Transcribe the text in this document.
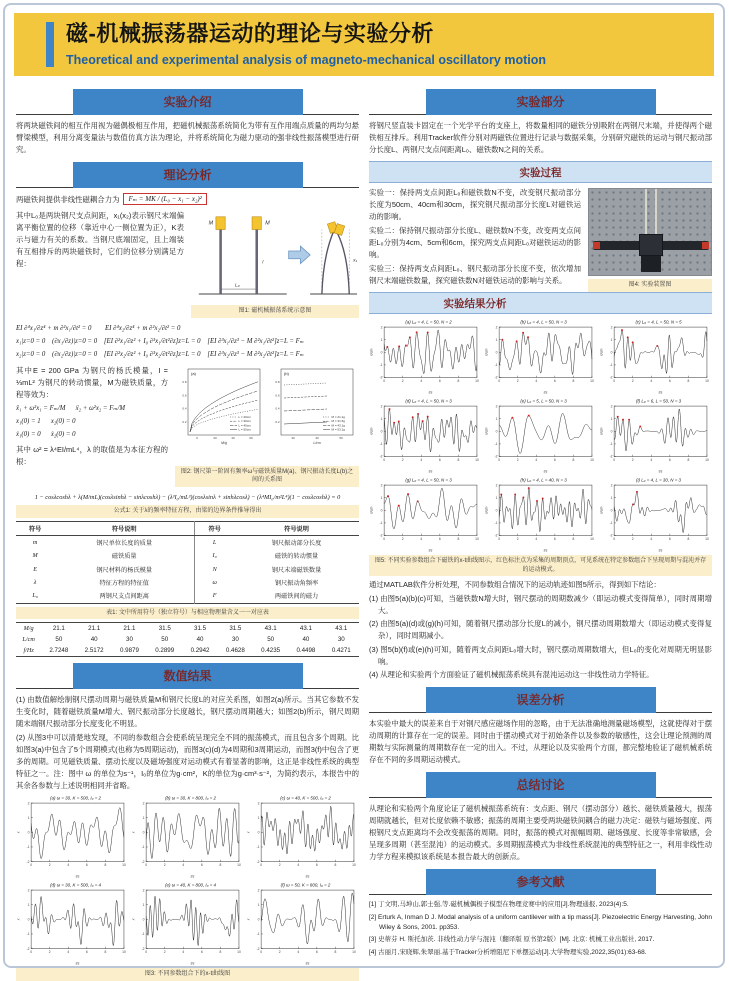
磁-机械振荡器运动的理论与实验分析
Theoretical and experimental analysis of magneto-mechanical oscillatory motion
实验介绍

将两块磁铁间的相互作用视为磁偶极相互作用，把磁机械振荡系统简化为带有互作用端点质量的两均匀悬臂梁模型，利用分离变量法与数值仿真方法为理论，并将系统简化为磁力驱动的强非线性振荡模型进行研究。

理论分析
两磁铁间提供非线性磁耦合力为	Fₘ = MK / (L₀ − x₁ − x₂)²

其中L₀是两块钢尺支点间距，x₁(x₂)表示钢尺末端偏离平衡位置的位移（靠近中心一侧位置为正），K表示与磁力有关的系数。当钢尺底端固定，且上端装有互相排斥的两块磁铁时，它们的位移分别满足方程：

M	M
L₀
l	x₁
图1: 磁机械振荡系统示意图
EI ∂⁴x₁/∂z⁴ + m ∂²x₁/∂t² = 0        EI ∂⁴x₂/∂z⁴ + m ∂²x₂/∂t² = 0
x₁|z=0 = 0    (∂x₁/∂z)|z=0 = 0    [EI ∂²x₁/∂z² + I₀ ∂³x₁/∂t²∂z]z=L = 0    [EI ∂³x₁/∂z³ − M ∂²x₁/∂t²]z=L = Fₘ
x₂|z=0 = 0    (∂x₂/∂z)|z=0 = 0    [EI ∂²x₂/∂z² + I₀ ∂³x₂/∂t²∂z]z=L = 0    [EI ∂³x₂/∂z³ − M ∂²x₂/∂t²]z=L = Fₘ

其中E = 200 GPa 为钢尺的杨氏模量，I = ⅓mL² 为钢尺的转动惯量，M为磁铁质量，方程等效为：

ẍ₁ + ω²x₁ = Fₘ/M      ẍ₂ + ω²x₂ = Fₘ/M
x₁(0) = 1      x₂(0) = 0
ẋ₁(0) = 0      ẋ₂(0) = 0

其中 ω² = λ⁴EI/mL⁴，λ 的取值是为本征方程的根：

(a)
0.2
0.4
0.6
0.8
0	20	40	60
M/g
L = 20cm
L = 30cm
L = 40cm
L = 50cm
(b)
0.2
0.4
0.6
0.8
30	40	50
L/cm
M = 21.1g
M = 31.5g
M = 43.1g
M = 53.1g
图2: 钢尺第一阶固有频率ω与磁铁质量M(a)、钢尺振动长度L(b)之间的关系图
1 − cosλcoshλ + λ(M/mL)(cosλsinhλ − sinλcoshλ) − (λ³I₀/mL³)(cosλsinλ + sinhλcosλ) − (λ⁴MI₀/m²L⁴)(1 − cosλcoshλ) = 0
公式1: 关于λ的频率特征方程，由梁的边界条件推导得出
符号	符号说明	符号	符号说明
m	钢尺单位长度的质量	L	钢尺振动部分长度
M	磁铁质量	I₀	磁铁的转动惯量
E	钢尺材料的杨氏模量	N	钢尺末端磁铁数量
λ	特征方程的特征值	ω	钢尺振动角频率
L₀	两钢尺支点间距离	F	两磁铁间的磁力
表1: 文中所用符号（独立符号）与相应物理量含义一一对应表
M/g	21.1	21.1	21.1	31.5	31.5	31.5	43.1	43.1	43.1
L/cm	50	40	30	50	40	30	50	40	30
f/Hz	2.7248	2.5172	0.9879	0.2899	0.2942	0.4628	0.4235	0.4498	0.4271
数值结果

(1) 由数值解绘制钢尺摆动周期与磁铁质量M和钢尺长度L的对应关系图，如图2(a)所示。当其它参数不发生变化时，随着磁铁质量M增大、钢尺振动部分长度越长，钢尺摆动周期越大；如图2(b)所示，钢尺周期随末端钢尺振动部分长度变化不明显。

(2) 从图3中可以清楚地发现，不同的参数组合会使系统呈现完全不同的振荡模式，而且包含多个周期。比如图3(a)中包含了5个周期模式(也称为5周期运动)，而图3(c)(d)为4周期和3周期运动，而图3(f)中包含了更多的周期。可见磁铁质量、摆动长度以及磁场强度对运动模式有着显著的影响，这正是非线性系统的典型特征之一。注：图中 ω 的单位为s⁻¹，I₀的单位为g·cm²，K的单位为g·cm³·s⁻²，为简约表示，本报告中的其余各参数与上述说明相同并省略。

(a) ω = 30, K = 500, I₀ = 2
2
1
0
-1
-2
0	2	4	6	8	10
t/s
x
(b) ω = 30, K = 800, I₀ = 2
2
1
0
-1
-2
0	2	4	6	8	10
t/s
x
(c) ω = 40, K = 500, I₀ = 2
2
1
0
-1
-2
0	2	4	6	8	10
t/s
x
(d) ω = 30, K = 500, I₀ = 4
2
1
0
-1
-2
0	2	4	6	8	10
t/s
x
(e) ω = 40, K = 800, I₀ = 4
2
1
0
-1
-2
0	2	4	6	8	10
t/s
x
(f) ω = 50, K = 800, I₀ = 2
2
1
0
-1
-2
0	2	4	6	8	10
t/s
x
图3: 不同参数组合下的x-t曲线图
实验部分

将钢尺竖直装卡固定在一个光学平台的支座上，将数量相同的磁铁分别吸附在两钢尺末端，并使得两个磁铁相互排斥。利用Tracker软件分别对两磁铁位置进行记录与数据采集，分别研究磁铁的运动与钢尺振动部分长度L、两钢尺支点间距离L₀、磁铁数N之间的关系。

实验过程
图4: 实验装置图

实验一：保持两支点间距L₀和磁铁数N不变，改变钢尺振动部分长度为50cm、40cm和30cm，探究钢尺振动部分长度L对磁铁运动的影响。

实验二：保持钢尺振动部分长度L、磁铁数N不变，改变两支点间距L₀分别为4cm、5cm和6cm，探究两支点间距L₀对磁铁运动的影响。

实验三：保持两支点间距L₀、钢尺振动部分长度不变，依次增加钢尺末端磁铁数量，探究磁铁数N对磁铁运动的影响与关系。

实验结果分析
(a) L₀ = 4, L = 50, N = 2
2
1
0
-1
-2
0	2	4	6	8	10
t/s
x/cm
(b) L₀ = 4, L = 50, N = 3
2
1
0
-1
-2
0	2	4	6	8	10
t/s
x/cm
(c) L₀ = 4, L = 50, N = 5
2
1
0
-1
-2
0	2	4	6	8	10
t/s
x/cm
(d) L₀ = 4, L = 50, N = 3
2
1
0
-1
-2
0	2	4	6	8	10
t/s
x/cm
(e) L₀ = 5, L = 50, N = 3
2
1
0
-1
-2
0	2	4	6	8	10
t/s
x/cm
(f) L₀ = 6, L = 50, N = 3
2
1
0
-1
-2
0	2	4	6	8	10
t/s
x/cm
(g) L₀ = 4, L = 50, N = 3
2
1
0
-1
-2
0	2	4	6	8	10
t/s
x/cm
(h) L₀ = 4, L = 40, N = 3
2
1
0
-1
-2
0	2	4	6	8	10
t/s
x/cm
(i) L₀ = 4, L = 30, N = 3
2
1
0
-1
-2
0	2	4	6	8	10
t/s
x/cm
图5: 不同实验参数组合下磁铁的x-t曲线图示，红色标注点为采集的周期顶点，可见系统在特定参数组合下呈现周期与混沌并存的运动模式。

通过MATLAB软件分析处理，不同参数组合情况下的运动轨迹如图5所示，得到如下结论：

(1) 由图5(a)(b)(c)可知，当磁铁数N增大时，钢尺摆动的周期数减少（即运动模式变得简单），同时周期增大。
(2) 由图5(a)(d)或(g)(h)可知，随着钢尺摆动部分长度L的减小，钢尺摆动周期数增大（即运动模式变得复杂），同时周期减小。
(3) 图5(b)(f)或(e)(h)可知，随着两支点间距L₀增大时，钢尺摆动周期数增大，但L₀的变化对周期无明显影响。
(4) 从理论和实验两个方面验证了磁机械振荡系统具有混沌运动这一非线性动力学特征。
误差分析

本实验中最大的误差来自于对钢尺感应磁场作用的忽略，由于无法准确地测量磁场模型，这就使得对于摆动周期的计算存在一定的误差。同时由于摆动模式对于初始条件以及参数的敏感性，这会让理论预测的周期数与实际测量的周期数存在一定的出入。不过，从理论以及实验两个方面，都完整地验证了磁机械系统存在不同的多周期运动模式。

总结讨论

从理论和实验两个角度论证了磁机械振荡系统有：支点距、钢尺（摆动部分）越长、磁铁质量越大，振荡周期就越长，但对长度依赖不敏感；振荡的周期主要受两块磁铁间耦合的磁力决定：磁铁与磁场强度、两根钢尺支点距离均不会改变振荡的周期。同时，振荡的模式对振幅周期、磁场强度、长度等非常敏感，会呈现多周期（甚至混沌）的运动模式。多周期振荡模式为非线性系统混沌的典型特征之一，利用非线性动力学方程来模拟该系统是本报告最大的创新点。

参考文献
[1] 丁文明,马坤山,郭士强,等.磁机械偶极子模型在物理竞赛中的应用[J].物理通报, 2023(4):5.
[2] Erturk A, Inman D J. Modal analysis of a uniform cantilever with a tip mass[J]. Piezoelectric Energy Harvesting, John Wiley & Sons, 2001. pp353.
[3] 史蒂芬 H. 斯托加茨. 非线性动力学与混沌（翻译版 原书第2版）[M]. 北京: 机械工业出版社, 2017.
[4] 古丽月,宋晓辉,朱翠丽.基于Tracker分析增阻尼下单摆运动[J].大学物理实验,2022,35(01):63-68.
